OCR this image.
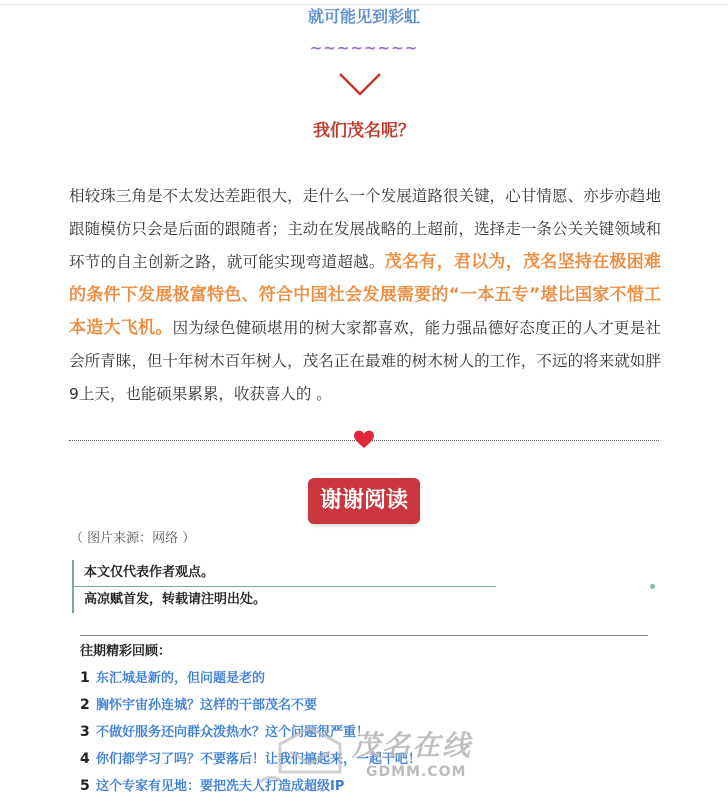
就可能见到彩虹
~~~~~~~~
我们茂名呢？
相较珠三角是不太发达差距很大，走什么一个发展道路很关键，心甘情愿、亦步亦趋地跟随模仿只会是后面的跟随者；主动在发展战略的上超前，选择走一条公关关键领域和环节的自主创新之路，就可能实现弯道超越。茂名有，君以为，茂名坚持在极困难的条件下发展极富特色、符合中国社会发展需要的“一本五专”堪比国家不惜工本造大飞机。因为绿色健硕堪用的树大家都喜欢，能力强品德好态度正的人才更是社会所青睐，但十年树木百年树人，茂名正在最难的树木树人的工作，不远的将来就如胖9上天，也能硕果累累，收获喜人的 。
谢谢阅读
（ 图片来源：网络 ）
本文仅代表作者观点。
高凉赋首发，转载请注明出处。
往期精彩回顾：
1 东汇城是新的，但问题是老的
2 胸怀宇宙孙连城？这样的干部茂名不要
3 不做好服务还向群众泼热水？这个问题很严重！
4 你们都学习了吗？不要落后！让我们搞起来，一起干吧！
5 这个专家有见地：要把冼夫人打造成超级IP
茂名在线
GDMM.COM
